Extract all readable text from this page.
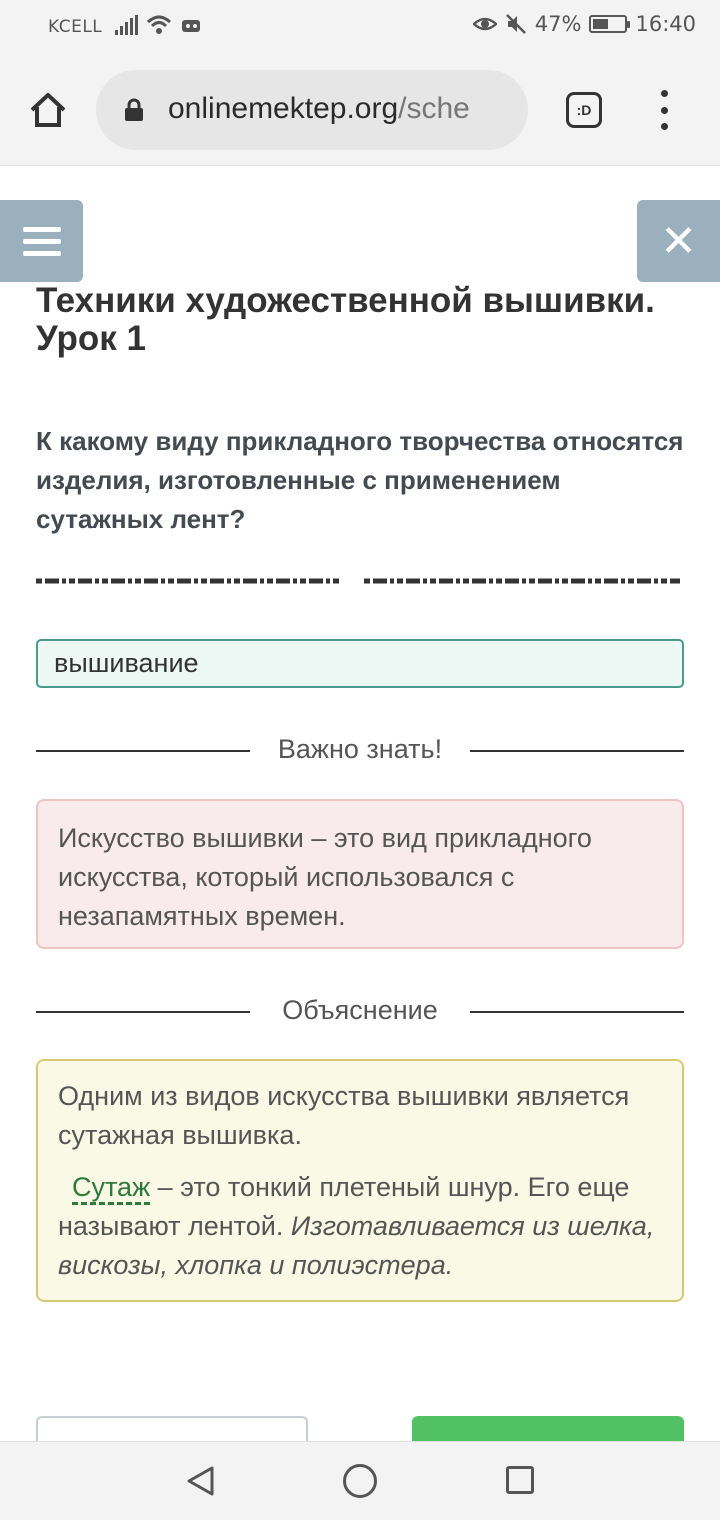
KCELL	47%	16:40
onlinemektep.org/sche	:D
✕
Техники художественной вышивки. Урок 1
К какому виду прикладного творчества относятся изделия, изготовленные с применением сутажных лент?
вышивание
Важно знать!
Искусство вышивки – это вид прикладного искусства, который использовался с незапамятных времен.
Объяснение

Одним из видов искусства вышивки является сутажная вышивка.

Сутаж – это тонкий плетеный шнур. Его еще называют лентой. Изготавливается из шелка, вискозы, хлопка и полиэстера.
